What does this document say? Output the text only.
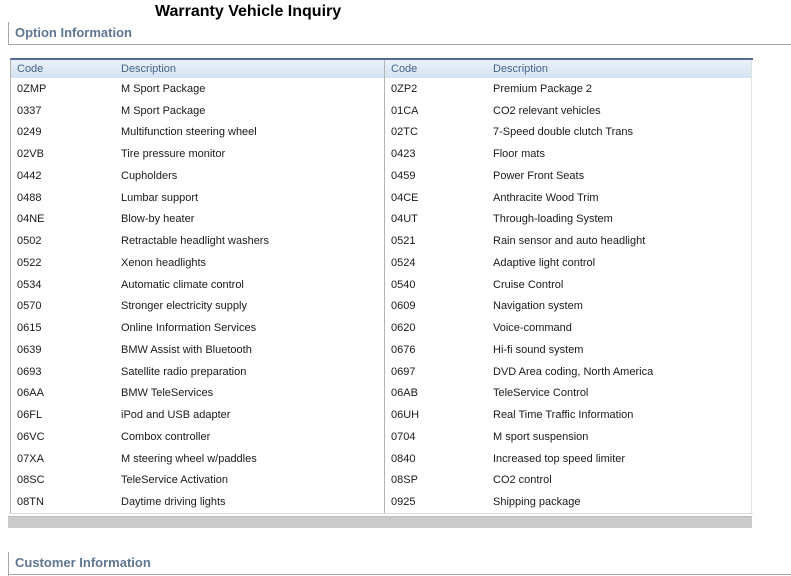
Warranty Vehicle Inquiry
Option Information
Code	Description
0ZMP	M Sport Package
0337	M Sport Package
0249	Multifunction steering wheel
02VB	Tire pressure monitor
0442	Cupholders
0488	Lumbar support
04NE	Blow-by heater
0502	Retractable headlight washers
0522	Xenon headlights
0534	Automatic climate control
0570	Stronger electricity supply
0615	Online Information Services
0639	BMW Assist with Bluetooth
0693	Satellite radio preparation
06AA	BMW TeleServices
06FL	iPod and USB adapter
06VC	Combox controller
07XA	M steering wheel w/paddles
08SC	TeleService Activation
08TN	Daytime driving lights
Code	Description
0ZP2	Premium Package 2
01CA	CO2 relevant vehicles
02TC	7-Speed double clutch Trans
0423	Floor mats
0459	Power Front Seats
04CE	Anthracite Wood Trim
04UT	Through-loading System
0521	Rain sensor and auto headlight
0524	Adaptive light control
0540	Cruise Control
0609	Navigation system
0620	Voice-command
0676	Hi-fi sound system
0697	DVD Area coding, North America
06AB	TeleService Control
06UH	Real Time Traffic Information
0704	M sport suspension
0840	Increased top speed limiter
08SP	CO2 control
0925	Shipping package
Customer Information
